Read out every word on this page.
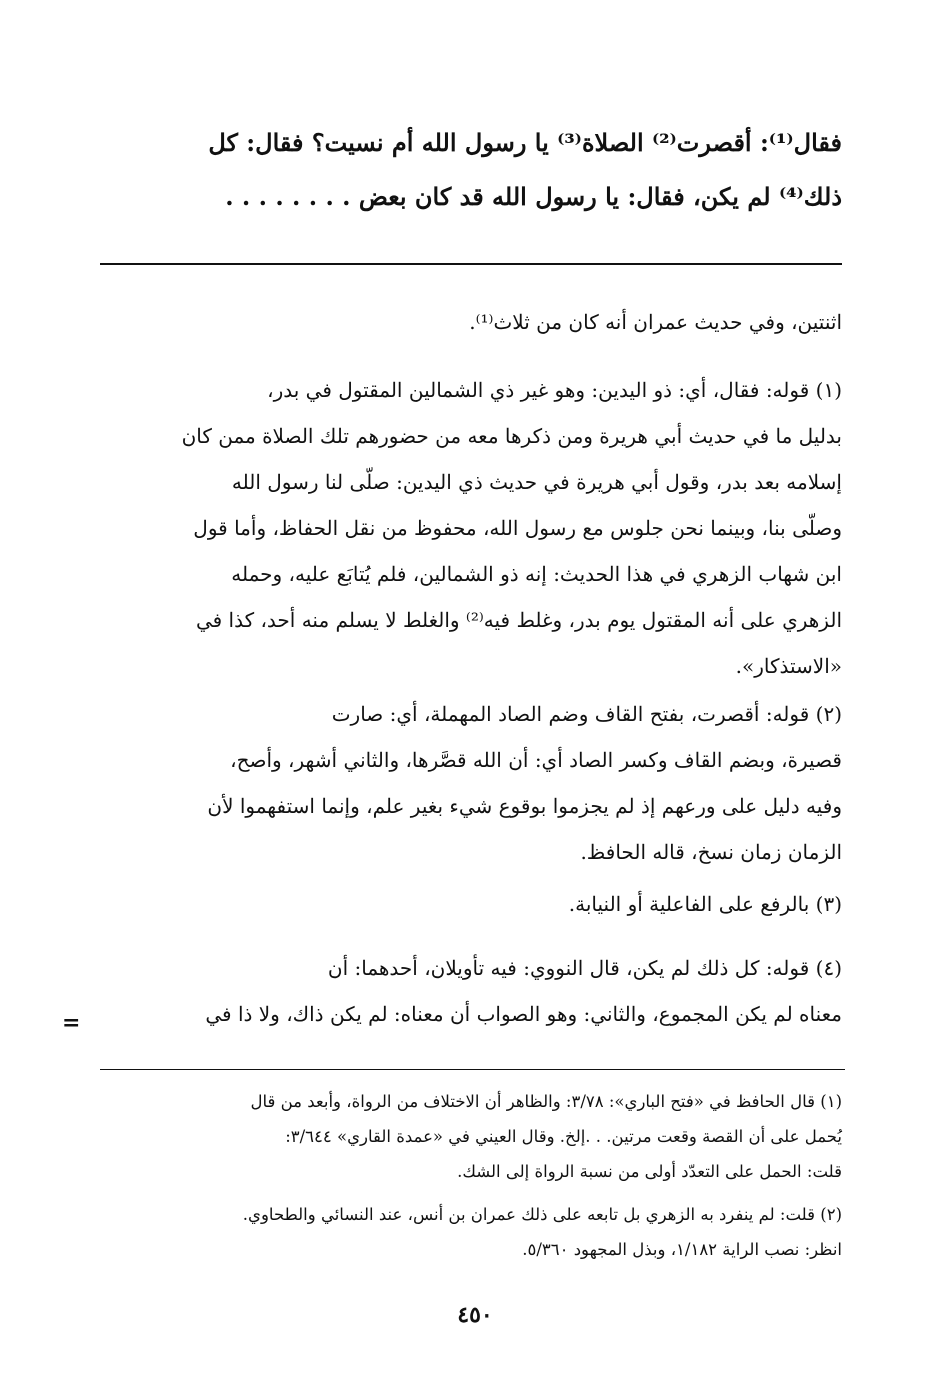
فقال⁽¹⁾: أقصرت⁽²⁾ الصلاة⁽³⁾ يا رسول الله أم نسيت؟ فقال: كل
ذلك⁽⁴⁾ لم يكن، فقال: يا رسول الله قد كان بعض . . . . . . . .
اثنتين، وفي حديث عمران أنه كان من ثلاث⁽¹⁾.
(١) قوله: فقال، أي: ذو اليدين: وهو غير ذي الشمالين المقتول في بدر،
بدليل ما في حديث أبي هريرة ومن ذكرها معه من حضورهم تلك الصلاة ممن كان
إسلامه بعد بدر، وقول أبي هريرة في حديث ذي اليدين: صلّى لنا رسول الله
وصلّى بنا، وبينما نحن جلوس مع رسول الله، محفوظ من نقل الحفاظ، وأما قول
ابن شهاب الزهري في هذا الحديث: إنه ذو الشمالين، فلم يُتابَع عليه، وحمله
الزهري على أنه المقتول يوم بدر، وغلط فيه⁽²⁾ والغلط لا يسلم منه أحد، كذا في
«الاستذكار».
(٢) قوله: أقصرت، بفتح القاف وضم الصاد المهملة، أي: صارت
قصيرة، وبضم القاف وكسر الصاد أي: أن الله قصَّرها، والثاني أشهر، وأصح،
وفيه دليل على ورعهم إذ لم يجزموا بوقوع شيء بغير علم، وإنما استفهموا لأن
الزمان زمان نسخ، قاله الحافظ.
(٣) بالرفع على الفاعلية أو النيابة.
(٤) قوله: كل ذلك لم يكن، قال النووي: فيه تأويلان، أحدهما: أن
معناه لم يكن المجموع، والثاني: وهو الصواب أن معناه: لم يكن ذاك، ولا ذا في
=
(١) قال الحافظ في «فتح الباري»: ٣/٧٨: والظاهر أن الاختلاف من الرواة، وأبعد من قال
يُحمل على أن القصة وقعت مرتين. . .إلخ. وقال العيني في «عمدة القاري» ٣/٦٤٤:
قلت: الحمل على التعدّد أولى من نسبة الرواة إلى الشك.
(٢) قلت: لم ينفرد به الزهري بل تابعه على ذلك عمران بن أنس، عند النسائي والطحاوي.
انظر: نصب الراية ١/١٨٢، وبذل المجهود ٥/٣٦٠.
٤٥٠
